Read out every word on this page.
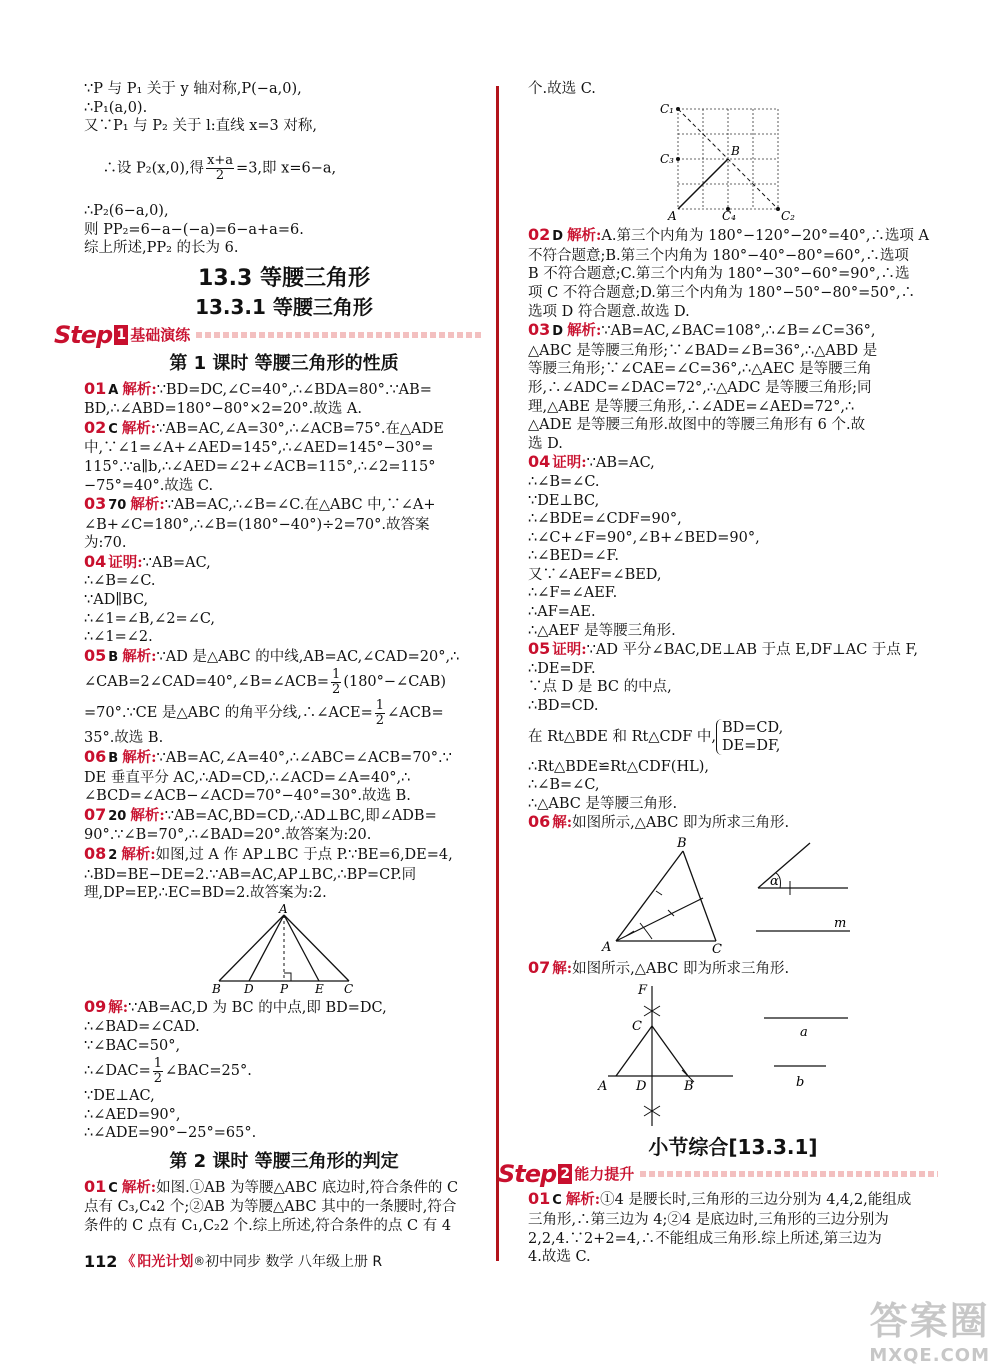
∵P 与 P₁ 关于 y 轴对称,P(−a,0),
∴P₁(a,0).
又∵P₁ 与 P₂ 关于 l:直线 x=3 对称,

∴设 P₂(x,0),得 $\frac{x+a}{2} =3$,即 x=6−a,

∴P₂(6−a,0),
则 PP₂=6−a−(−a)=6−a+a=6.
综上所述,PP₂ 的长为 6.
13.3 等腰三角形
13.3.1 等腰三角形
Step 1 基础演练
第 1 课时 等腰三角形的性质
01 A 解析:∵BD=DC,∠C=40°,∴∠BDA=80°.∵AB=
BD,∴∠ABD=180°−80°×2=20°.故选 A.
02 C 解析:∵AB=AC,∠A=30°,∴∠ACB=75°.在△ADE
中,∵∠1=∠A+∠AED=145°,∴∠AED=145°−30°=
115°.∵a∥b,∴∠AED=∠2+∠ACB=115°,∴∠2=115°
−75°=40°.故选 C.
03 70 解析:∵AB=AC,∴∠B=∠C.在△ABC 中,∵∠A+
∠B+∠C=180°,∴∠B=(180°−40°)÷2=70°.故答案
为:70.
04 证明:∵AB=AC,
∴∠B=∠C.
∵AD∥BC,
∴∠1=∠B,∠2=∠C,
∴∠1=∠2.
05 B 解析:∵AD 是△ABC 的中线,AB=AC,∠CAD=20°,∴
∠CAB=2∠CAD=40°,∠B=∠ACB= $\frac{1}{2}$ (180°−∠CAB)
=70°.∵CE 是△ABC 的角平分线,∴∠ACE= $\frac{1}{2}$ ∠ACB=
35°.故选 B.
06 B 解析:∵AB=AC,∠A=40°,∴∠ABC=∠ACB=70°.∵
DE 垂直平分 AC,∴AD=CD,∴∠ACD=∠A=40°,∴
∠BCD=∠ACB−∠ACD=70°−40°=30°.故选 B.
07 20 解析:∵AB=AC,BD=CD,∴AD⊥BC,即∠ADB=
90°.∵∠B=70°,∴∠BAD=20°.故答案为:20.
08 2 解析:如图,过 A 作 AP⊥BC 于点 P.∵BE=6,DE=4,
∴BD=BE−DE=2.∵AB=AC,AP⊥BC,∴BP=CP.同
理,DP=EP,∴EC=BD=2.故答案为:2.
A
B D P E C
09 解:∵AB=AC,D 为 BC 的中点,即 BD=DC,
∴∠BAD=∠CAD.
∵∠BAC=50°,
∴∠DAC= $\frac{1}{2}$ ∠BAC=25°.
∵DE⊥AC,
∴∠AED=90°,
∴∠ADE=90°−25°=65°.
第 2 课时 等腰三角形的判定
01 C 解析:如图.①AB 为等腰△ABC 底边时,符合条件的 C
点有 C₃,C₄2 个;②AB 为等腰△ABC 其中的一条腰时,符合
条件的 C 点有 C₁,C₂2 个.综上所述,符合条件的点 C 有 4
个.故选 C.
C₁
C₃
B
A	C₄	C₂
02 D 解析:A.第三个内角为 180°−120°−20°=40°,∴选项 A
不符合题意;B.第三个内角为 180°−40°−80°=60°,∴选项
B 不符合题意;C.第三个内角为 180°−30°−60°=90°,∴选
项 C 不符合题意;D.第三个内角为 180°−50°−80°=50°,∴
选项 D 符合题意.故选 D.
03 D 解析:∵AB=AC,∠BAC=108°,∴∠B=∠C=36°,
△ABC 是等腰三角形;∵∠BAD=∠B=36°,∴△ABD 是
等腰三角形;∵∠CAE=∠C=36°,∴△AEC 是等腰三角
形,∴∠ADC=∠DAC=72°,∴△ADC 是等腰三角形;同
理,△ABE 是等腰三角形,∴∠ADE=∠AED=72°,∴
△ADE 是等腰三角形.故图中的等腰三角形有 6 个.故
选 D.
04 证明:∵AB=AC,
∴∠B=∠C.
∵DE⊥BC,
∴∠BDE=∠CDF=90°,
∴∠C+∠F=90°,∠B+∠BED=90°,
∴∠BED=∠F.
又∵∠AEF=∠BED,
∴∠F=∠AEF.
∴AF=AE.
∴△AEF 是等腰三角形.
05 证明:∵AD 平分∠BAC,DE⊥AB 于点 E,DF⊥AC 于点 F,
∴DE=DF.
∵点 D 是 BC 的中点,
∴BD=CD.
在 Rt△BDE 和 Rt△CDF 中,
BD=CD,
DE=DF,
∴Rt△BDE≌Rt△CDF(HL),
∴∠B=∠C,
∴△ABC 是等腰三角形.
06 解:如图所示,△ABC 即为所求三角形.
B
A	C
α
m
07 解:如图所示,△ABC 即为所求三角形.
F
C
A D	B
a
b
小节综合[13.3.1]
Step 2 能力提升
01 C 解析:①4 是腰长时,三角形的三边分别为 4,4,2,能组成
三角形,∴第三边为 4;②4 是底边时,三角形的三边分别为
2,2,4.∵2+2=4,∴不能组成三角形.综上所述,第三边为
4.故选 C.
112 《 阳光计划 ® 初中同步 数学 八年级上册 R
答案圈
MXQE.COM
